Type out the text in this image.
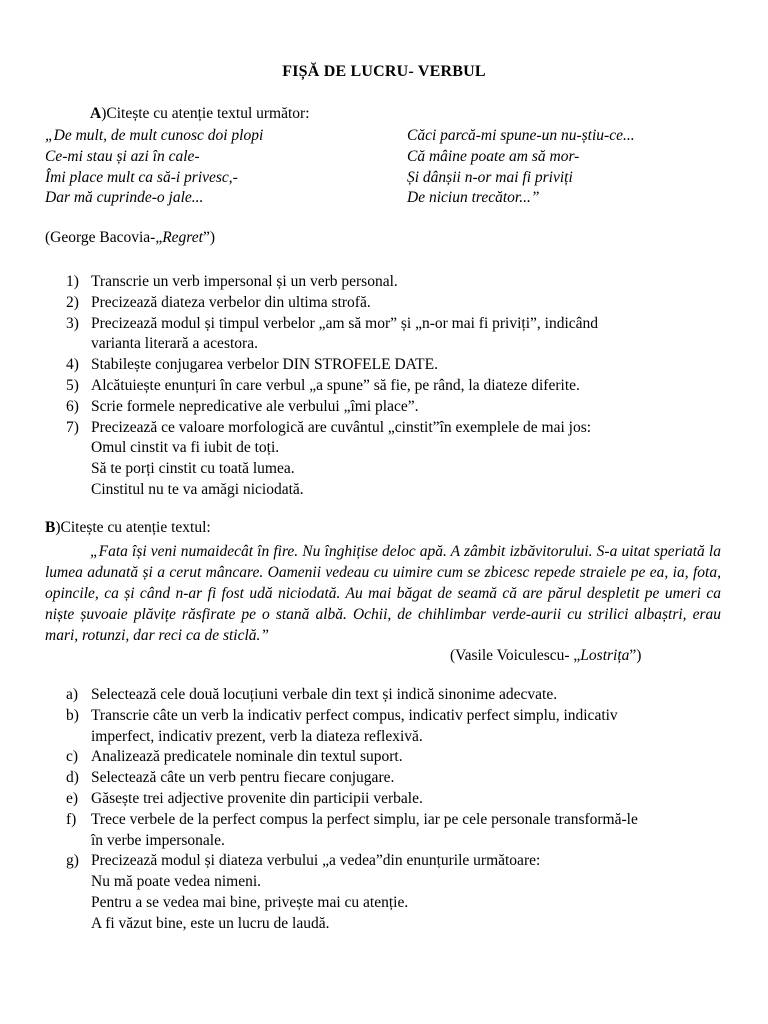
FIȘĂ DE LUCRU- VERBUL
A)Citește cu atenție textul următor:
„De mult, de mult cunosc doi plopi
Ce-mi stau și azi în cale-
Îmi place mult ca să-i privesc,-
Dar mă cuprinde-o jale...
Căci parcă-mi spune-un nu-știu-ce...
Că mâine poate am să mor-
Și dânșii n-or mai fi priviți
De niciun trecător...”
(George Bacovia-„Regret”)
1) Transcrie un verb impersonal și un verb personal.
2) Precizează diateza verbelor din ultima strofă.
3) Precizează modul și timpul verbelor „am să mor” și „n-or mai fi priviți”, indicând
varianta literară a acestora.
4) Stabilește conjugarea verbelor DIN STROFELE DATE.
5) Alcătuiește enunțuri în care verbul „a spune” să fie, pe rând, la diateze diferite.
6) Scrie formele nepredicative ale verbului „îmi place”.
7) Precizează ce valoare morfologică are cuvântul „cinstit”în exemplele de mai jos:
Omul cinstit va fi iubit de toți.
Să te porți cinstit cu toată lumea.
Cinstitul nu te va amăgi niciodată.
B)Citește cu atenție textul:

„Fata își veni numaidecât în fire. Nu înghițise deloc apă. A zâmbit izbăvitorului. S-a uitat speriată la lumea adunată și a cerut mâncare. Oamenii vedeau cu uimire cum se zbicesc repede straiele pe ea, ia, fota, opincile, ca și când n-ar fi fost udă niciodată. Au mai băgat de seamă că are părul despletit pe umeri ca niște șuvoaie plăvițe răsfirate pe o stană albă. Ochii, de chihlimbar verde-aurii cu strilici albaștri, erau mari, rotunzi, dar reci ca de sticlă.”

(Vasile Voiculescu- „Lostrița”)
a) Selectează cele două locuțiuni verbale din text și indică sinonime adecvate.
b) Transcrie câte un verb la indicativ perfect compus, indicativ perfect simplu, indicativ
imperfect, indicativ prezent, verb la diateza reflexivă.
c) Analizează predicatele nominale din textul suport.
d) Selectează câte un verb pentru fiecare conjugare.
e) Găsește trei adjective provenite din participii verbale.
f) Trece verbele de la perfect compus la perfect simplu, iar pe cele personale transformă-le
în verbe impersonale.
g) Precizează modul și diateza verbului „a vedea”din enunțurile următoare:
Nu mă poate vedea nimeni.
Pentru a se vedea mai bine, privește mai cu atenție.
A fi văzut bine, este un lucru de laudă.
